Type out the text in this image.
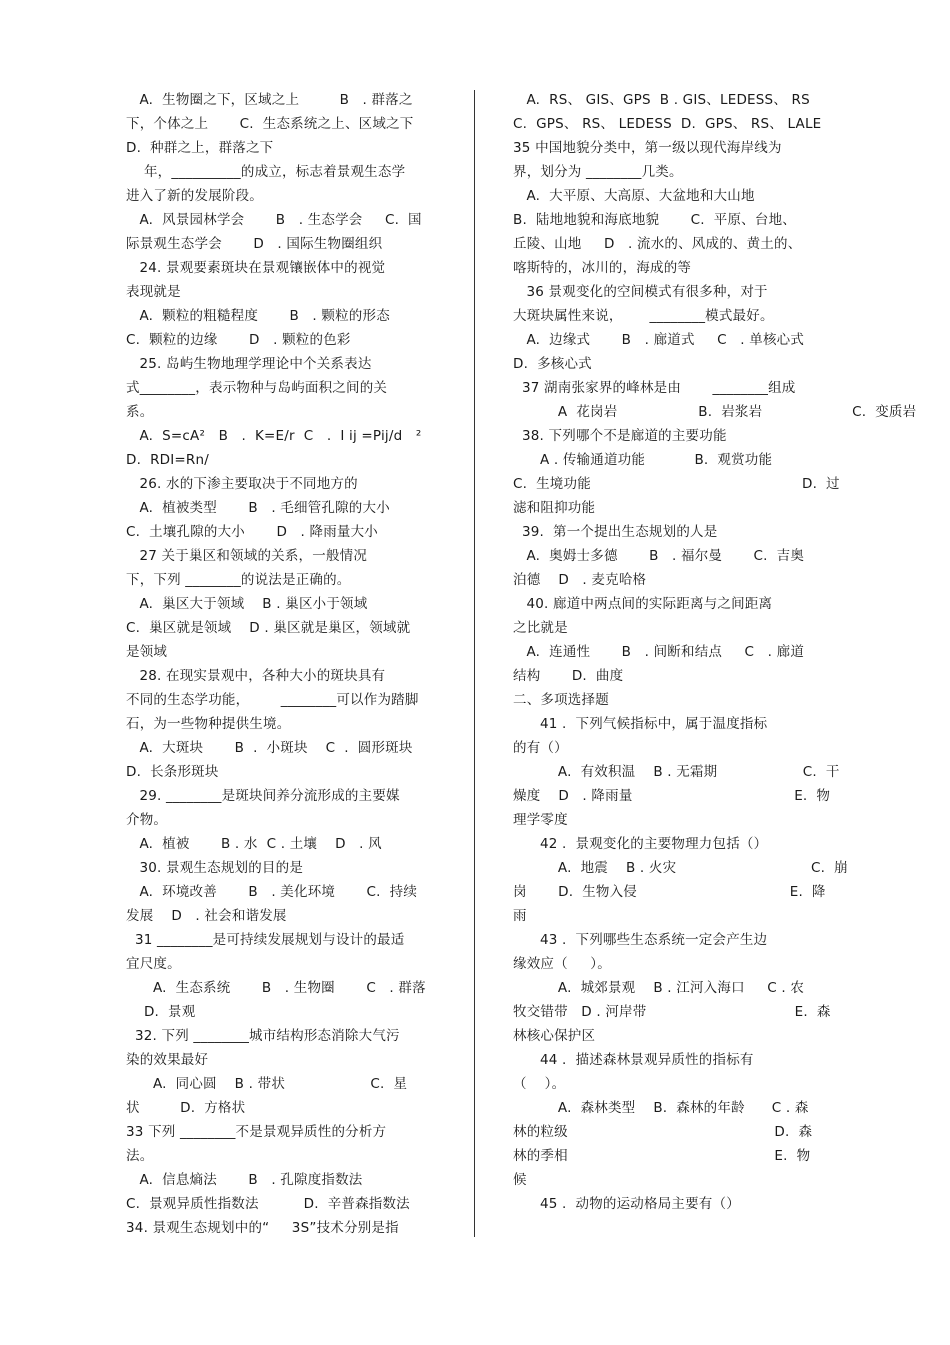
A.  生物圈之下，区域之上         B   . 群落之
下，个体之上       C.  生态系统之上、区域之下
D.  种群之上，群落之下
年，__________的成立，标志着景观生态学
进入了新的发展阶段。
A.  风景园林学会       B   . 生态学会     C.  国
际景观生态学会       D   . 国际生物圈组织
24. 景观要素斑块在景观镶嵌体中的视觉
表现就是
A.  颗粒的粗糙程度       B   . 颗粒的形态
C.  颗粒的边缘       D   . 颗粒的色彩
25. 岛屿生物地理学理论中个关系表达
式________，表示物种与岛屿面积之间的关
系。
A.  S=cA²   B   .  K=E/r  C   .  I ij =Pij/d   ²
D.  RDI=Rn/
26. 水的下渗主要取决于不同地方的
A.  植被类型       B   . 毛细管孔隙的大小
C.  土壤孔隙的大小       D   . 降雨量大小
27 关于巢区和领域的关系，一般情况
下，下列 ________的说法是正确的。
A.  巢区大于领域    B . 巢区小于领域
C.  巢区就是领域    D . 巢区就是巢区，领域就
是领域
28. 在现实景观中，各种大小的斑块具有
不同的生态学功能，       ________可以作为踏脚
石，为一些物种提供生境。
A.  大斑块       B  .  小斑块    C  .  圆形斑块
D.  长条形斑块
29. ________是斑块间养分流形成的主要媒
介物。
A.  植被       B . 水  C . 土壤    D   . 风
30. 景观生态规划的目的是
A.  环境改善       B   . 美化环境       C.  持续
发展    D   . 社会和谐发展
31 ________是可持续发展规划与设计的最适
宜尺度。
A.  生态系统       B   . 生物圈       C   . 群落
D.  景观
32. 下列 ________城市结构形态消除大气污
染的效果最好
A.  同心圆    B . 带状                   C.  星
状         D.  方格状
33 下列 ________不是景观异质性的分析方
法。
A.  信息熵法       B   . 孔隙度指数法
C.  景观异质性指数法          D.  辛普森指数法
34. 景观生态规划中的“     3S”技术分别是指
A.  RS、 GIS、GPS  B . GIS、LEDESS、 RS
C.  GPS、 RS、 LEDESS  D.  GPS、 RS、 LALE
35 中国地貌分类中，第一级以现代海岸线为
界，划分为 ________几类。
A.  大平原、大高原、大盆地和大山地
B.  陆地地貌和海底地貌       C.  平原、台地、
丘陵、山地     D   . 流水的、风成的、黄土的、
喀斯特的，冰川的，海成的等
36 景观变化的空间模式有很多种，对于
大斑块属性来说，      ________模式最好。
A.  边缘式       B   . 廊道式     C   . 单核心式
D.  多核心式
37 湖南张家界的峰林是由       ________组成
A  花岗岩                  B.  岩浆岩                    C.  变质岩
38. 下列哪个不是廊道的主要功能
A . 传输通道功能           B.  观赏功能
C.  生境功能                                               D.  过
滤和阻抑功能
39.  第一个提出生态规划的人是
A.  奥姆士多德       B   . 福尔曼       C.  吉奥
泊德    D   . 麦克哈格
40. 廊道中两点间的实际距离与之间距离
之比就是
A.  连通性       B   . 间断和结点     C   . 廊道
结构       D.  曲度
二、多项选择题
41 .  下列气候指标中，属于温度指标
的有（）
A.  有效积温    B . 无霜期                   C.  干
燥度    D   . 降雨量                                    E.  物
理学零度
42 .  景观变化的主要物理力包括（）
A.  地震    B . 火灾                              C.  崩
岗       D.  生物入侵                                  E.  降
雨
43 .  下列哪些生态系统一定会产生边
缘效应（     ）。
A.  城郊景观    B . 江河入海口     C . 农
牧交错带   D . 河岸带                                 E.  森
林核心保护区
44 .  描述森林景观异质性的指标有
（    ）。
A.  森林类型    B.  森林的年龄      C . 森
林的粒级                                              D.  森
林的季相                                              E.  物
候
45 .  动物的运动格局主要有（）
